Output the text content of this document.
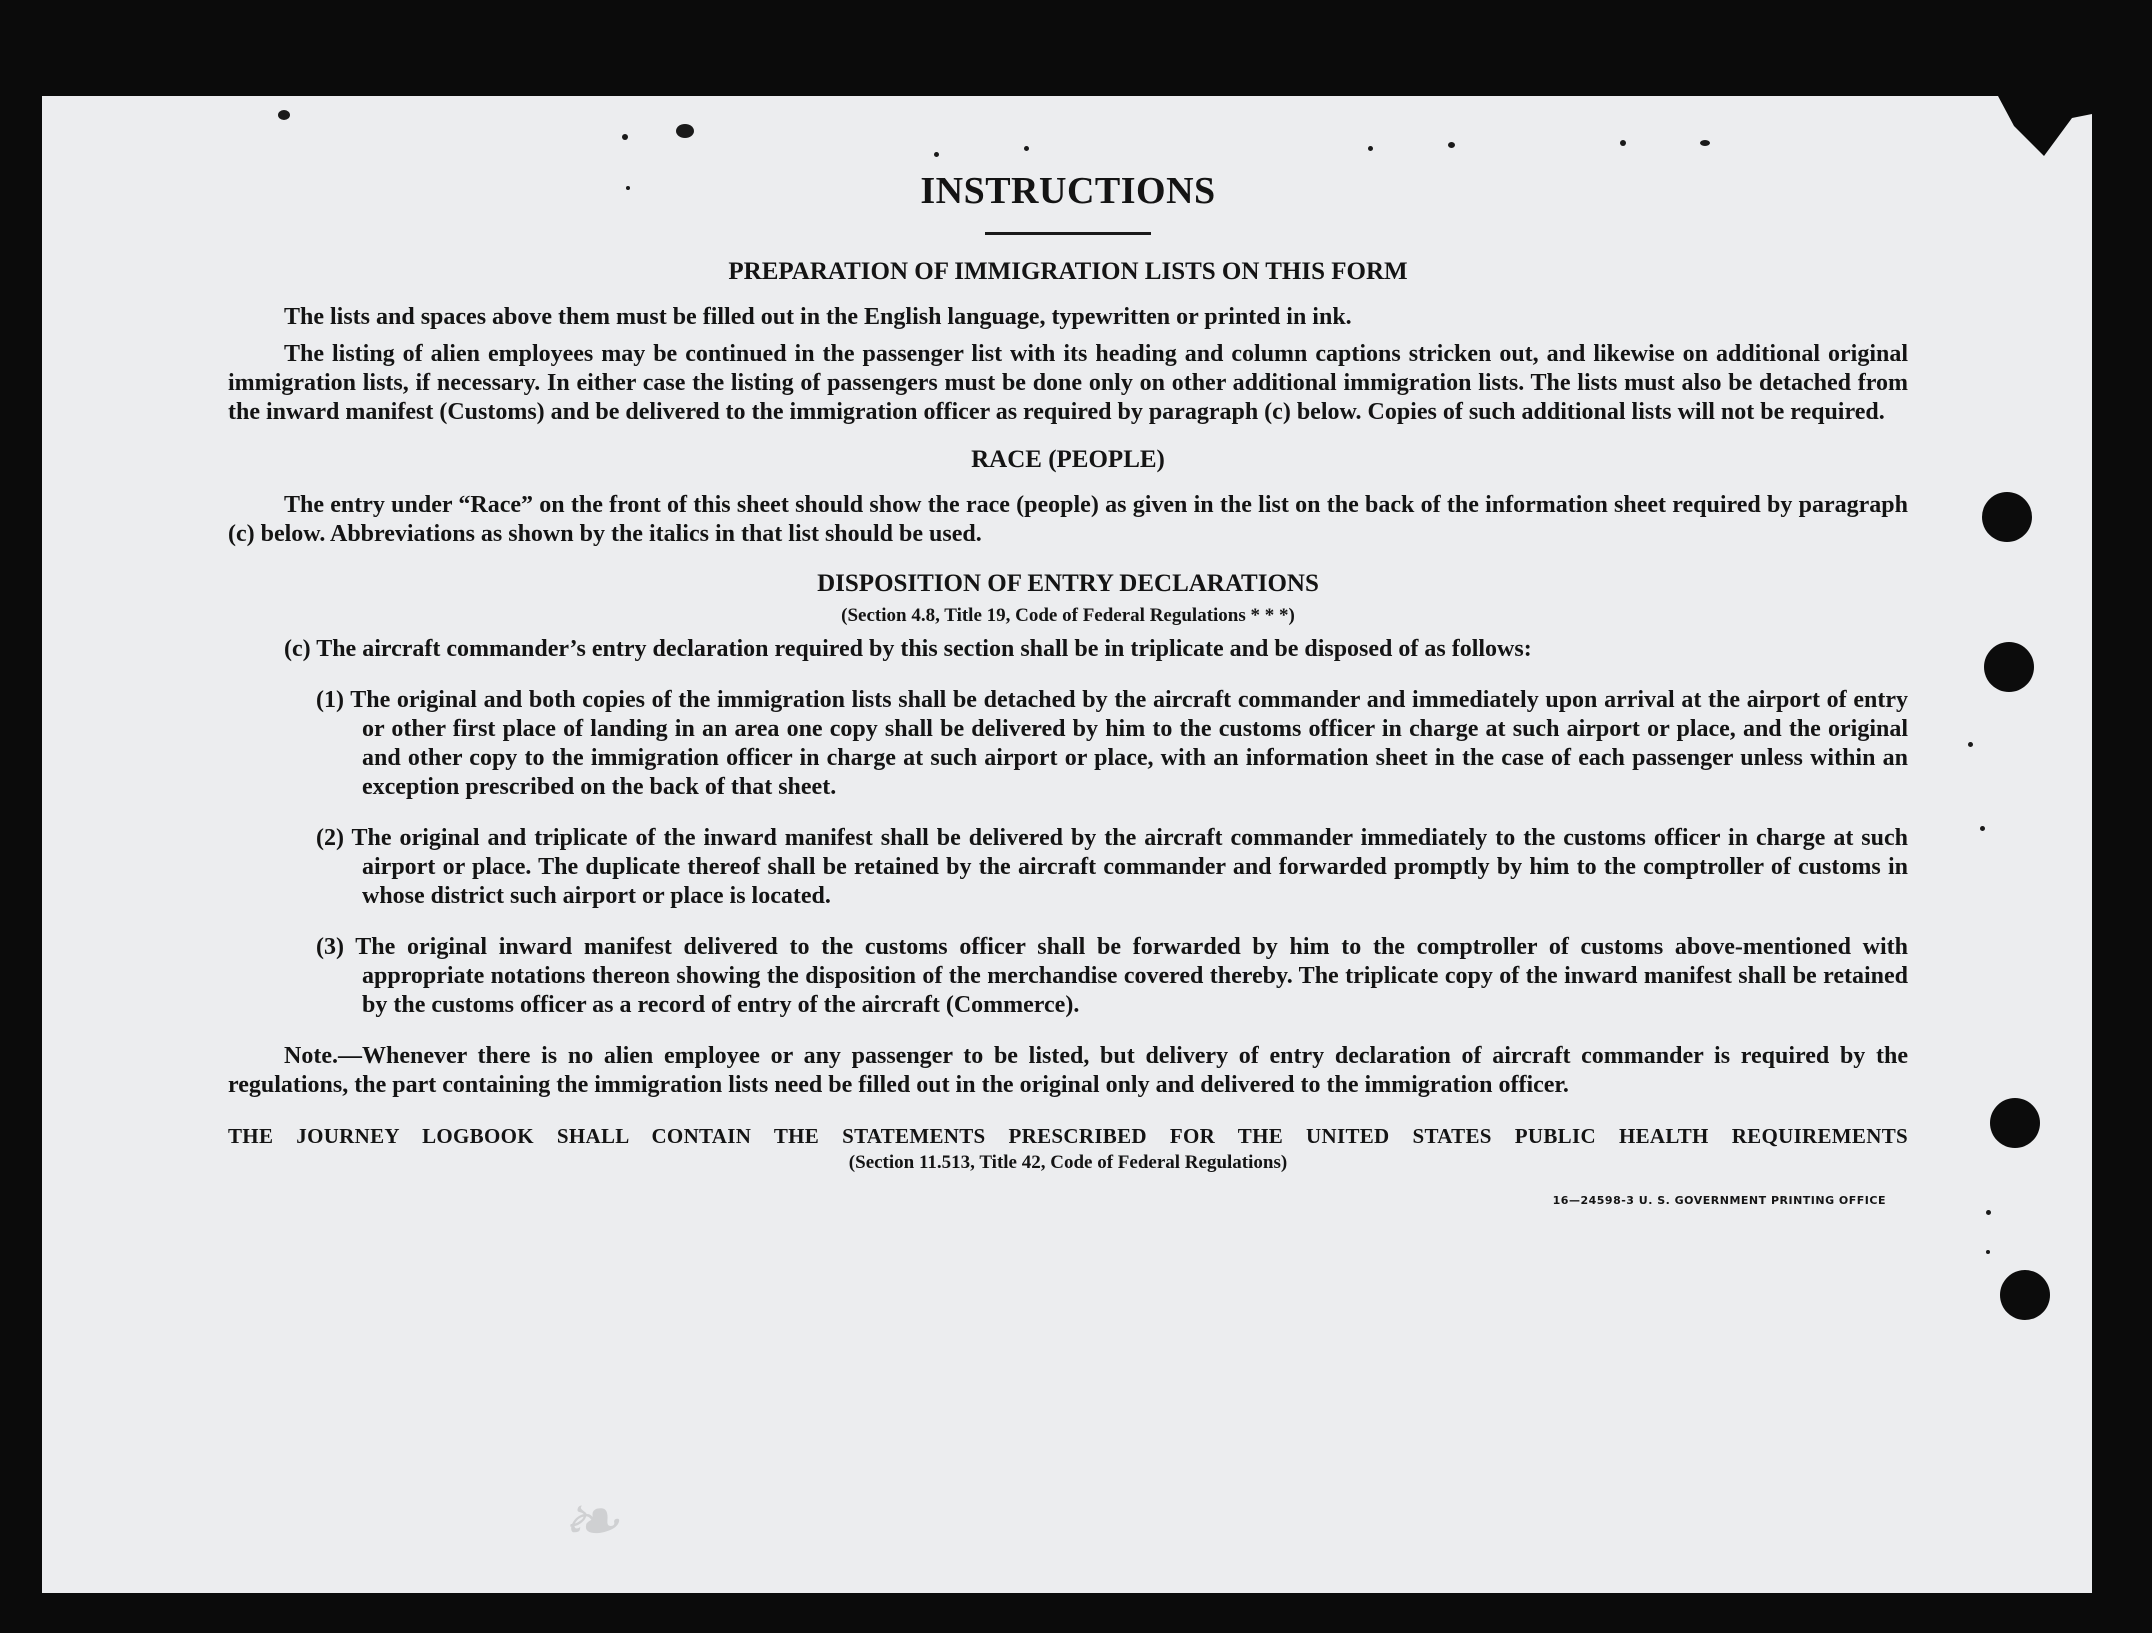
❧
INSTRUCTIONS
PREPARATION OF IMMIGRATION LISTS ON THIS FORM

The lists and spaces above them must be filled out in the English language, typewritten or printed in ink.

The listing of alien employees may be continued in the passenger list with its heading and column captions stricken out, and likewise on additional original immigration lists, if necessary. In either case the listing of passengers must be done only on other additional immigration lists. The lists must also be detached from the inward manifest (Customs) and be delivered to the immigration officer as required by paragraph (c) below. Copies of such additional lists will not be required.

RACE (PEOPLE)

The entry under “Race” on the front of this sheet should show the race (people) as given in the list on the back of the information sheet required by paragraph (c) below. Abbreviations as shown by the italics in that list should be used.

DISPOSITION OF ENTRY DECLARATIONS

(Section 4.8, Title 19, Code of Federal Regulations * * *)

(c) The aircraft commander’s entry declaration required by this section shall be in triplicate and be disposed of as follows:

(1) The original and both copies of the immigration lists shall be detached by the aircraft commander and immediately upon arrival at the airport of entry or other first place of landing in an area one copy shall be delivered by him to the customs officer in charge at such airport or place, and the original and other copy to the immigration officer in charge at such airport or place, with an information sheet in the case of each passenger unless within an exception prescribed on the back of that sheet.

(2) The original and triplicate of the inward manifest shall be delivered by the aircraft commander immediately to the customs officer in charge at such airport or place. The duplicate thereof shall be retained by the aircraft commander and forwarded promptly by him to the comptroller of customs in whose district such airport or place is located.

(3) The original inward manifest delivered to the customs officer shall be forwarded by him to the comptroller of customs above-mentioned with appropriate notations thereon showing the disposition of the merchandise covered thereby. The triplicate copy of the inward manifest shall be retained by the customs officer as a record of entry of the aircraft (Commerce).

Note.—Whenever there is no alien employee or any passenger to be listed, but delivery of entry declaration of aircraft commander is required by the regulations, the part containing the immigration lists need be filled out in the original only and delivered to the immigration officer.

THE JOURNEY LOGBOOK SHALL CONTAIN THE STATEMENTS PRESCRIBED FOR THE UNITED STATES PUBLIC HEALTH REQUIREMENTS

(Section 11.513, Title 42, Code of Federal Regulations)

16—24598-3 U. S. GOVERNMENT PRINTING OFFICE
